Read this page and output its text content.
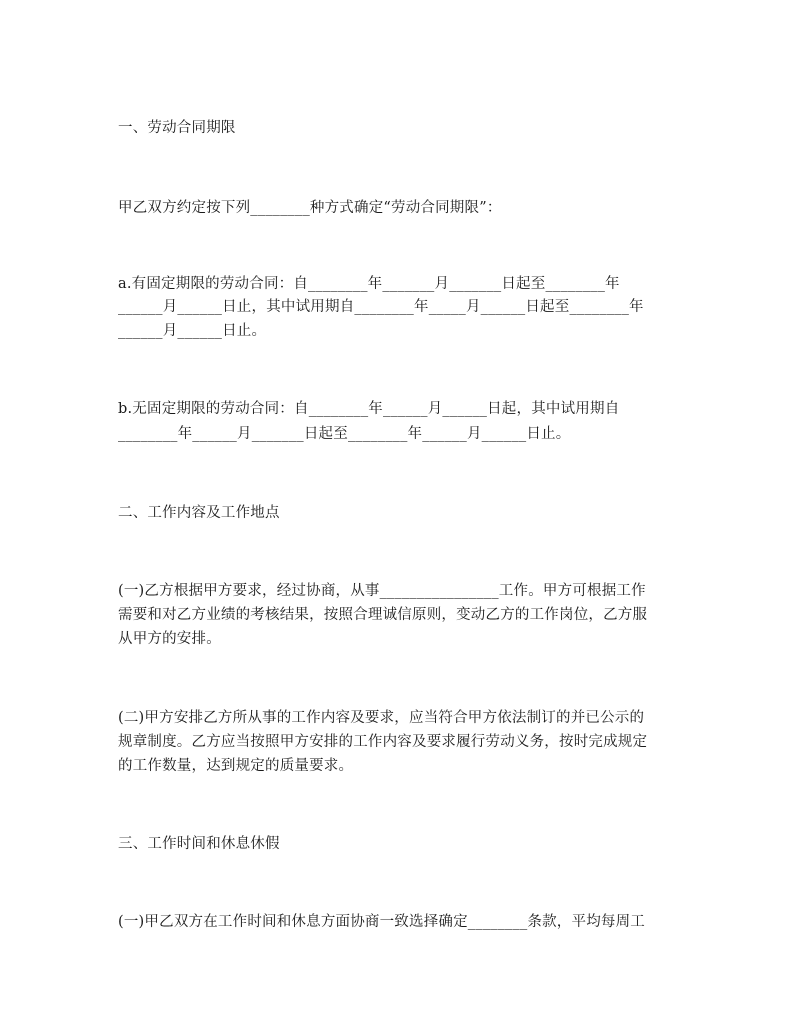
一、劳动合同期限
甲乙双方约定按下列________种方式确定“劳动合同期限”：
a.有固定期限的劳动合同：自________年_______月_______日起至________年
______月______日止，其中试用期自________年_____月______日起至________年
______月______日止。
b.无固定期限的劳动合同：自________年______月______日起，其中试用期自
________年______月_______日起至________年______月______日止。
二、工作内容及工作地点
(一)乙方根据甲方要求，经过协商，从事________________工作。甲方可根据工作
需要和对乙方业绩的考核结果，按照合理诚信原则，变动乙方的工作岗位，乙方服
从甲方的安排。
(二)甲方安排乙方所从事的工作内容及要求，应当符合甲方依法制订的并已公示的
规章制度。乙方应当按照甲方安排的工作内容及要求履行劳动义务，按时完成规定
的工作数量，达到规定的质量要求。
三、工作时间和休息休假
(一)甲乙双方在工作时间和休息方面协商一致选择确定________条款，平均每周工
